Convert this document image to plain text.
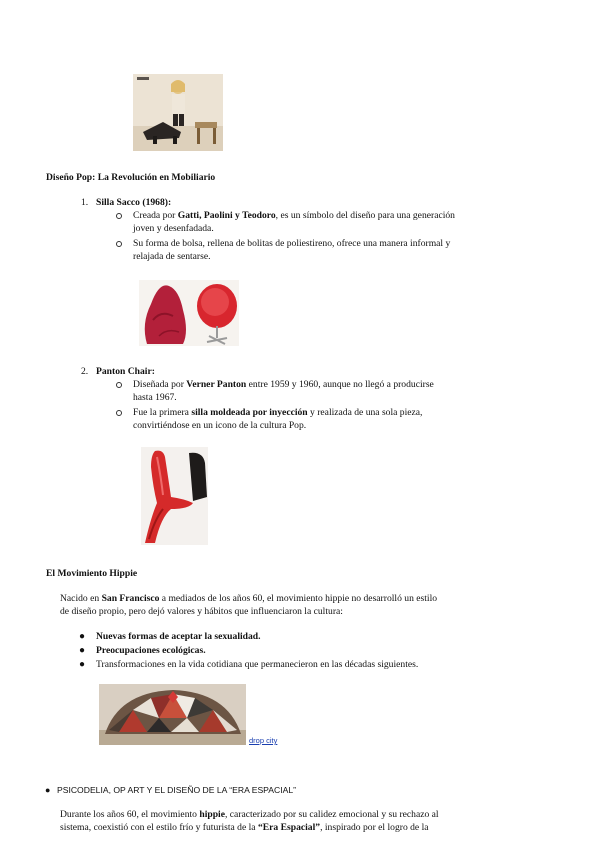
Diseño Pop: La Revolución en Mobiliario
1. Silla Sacco (1968):
Creada por Gatti, Paolini y Teodoro, es un símbolo del diseño para una generación
joven y desenfadada.
Su forma de bolsa, rellena de bolitas de poliestireno, ofrece una manera informal y
relajada de sentarse.
2. Panton Chair:
Diseñada por Verner Panton entre 1959 y 1960, aunque no llegó a producirse
hasta 1967.
Fue la primera silla moldeada por inyección y realizada de una sola pieza,
convirtiéndose en un icono de la cultura Pop.
El Movimiento Hippie
Nacido en San Francisco a mediados de los años 60, el movimiento hippie no desarrolló un estilo
de diseño propio, pero dejó valores y hábitos que influenciaron la cultura:
● Nuevas formas de aceptar la sexualidad.
● Preocupaciones ecológicas.
● Transformaciones en la vida cotidiana que permanecieron en las décadas siguientes.
drop city
● PSICODELIA, OP ART Y EL DISEÑO DE LA “ERA ESPACIAL”
Durante los años 60, el movimiento hippie, caracterizado por su calidez emocional y su rechazo al
sistema, coexistió con el estilo frío y futurista de la “Era Espacial”, inspirado por el logro de la
